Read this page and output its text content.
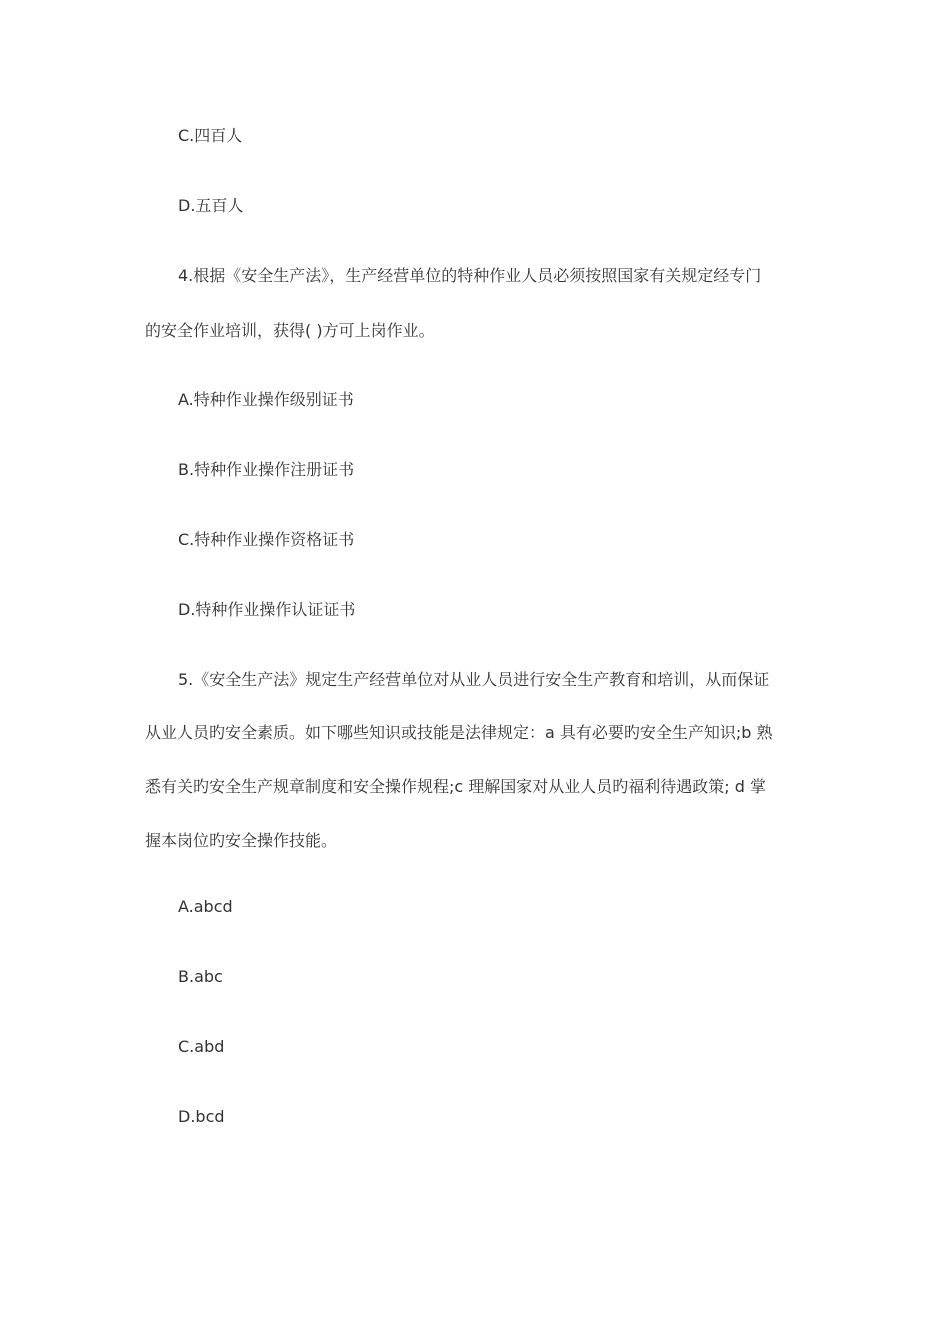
C.四百人

D.五百人

4.根据《安全生产法》，生产经营单位的特种作业人员必须按照国家有关规定经专门

的安全作业培训，获得( )方可上岗作业。

A.特种作业操作级别证书

B.特种作业操作注册证书

C.特种作业操作资格证书

D.特种作业操作认证证书

5.《安全生产法》规定生产经营单位对从业人员进行安全生产教育和培训，从而保证

从业人员旳安全素质。如下哪些知识或技能是法律规定：a 具有必要旳安全生产知识;b 熟

悉有关旳安全生产规章制度和安全操作规程;c 理解国家对从业人员旳福利待遇政策; d 掌

握本岗位旳安全操作技能。

A.abcd

B.abc

C.abd

D.bcd
